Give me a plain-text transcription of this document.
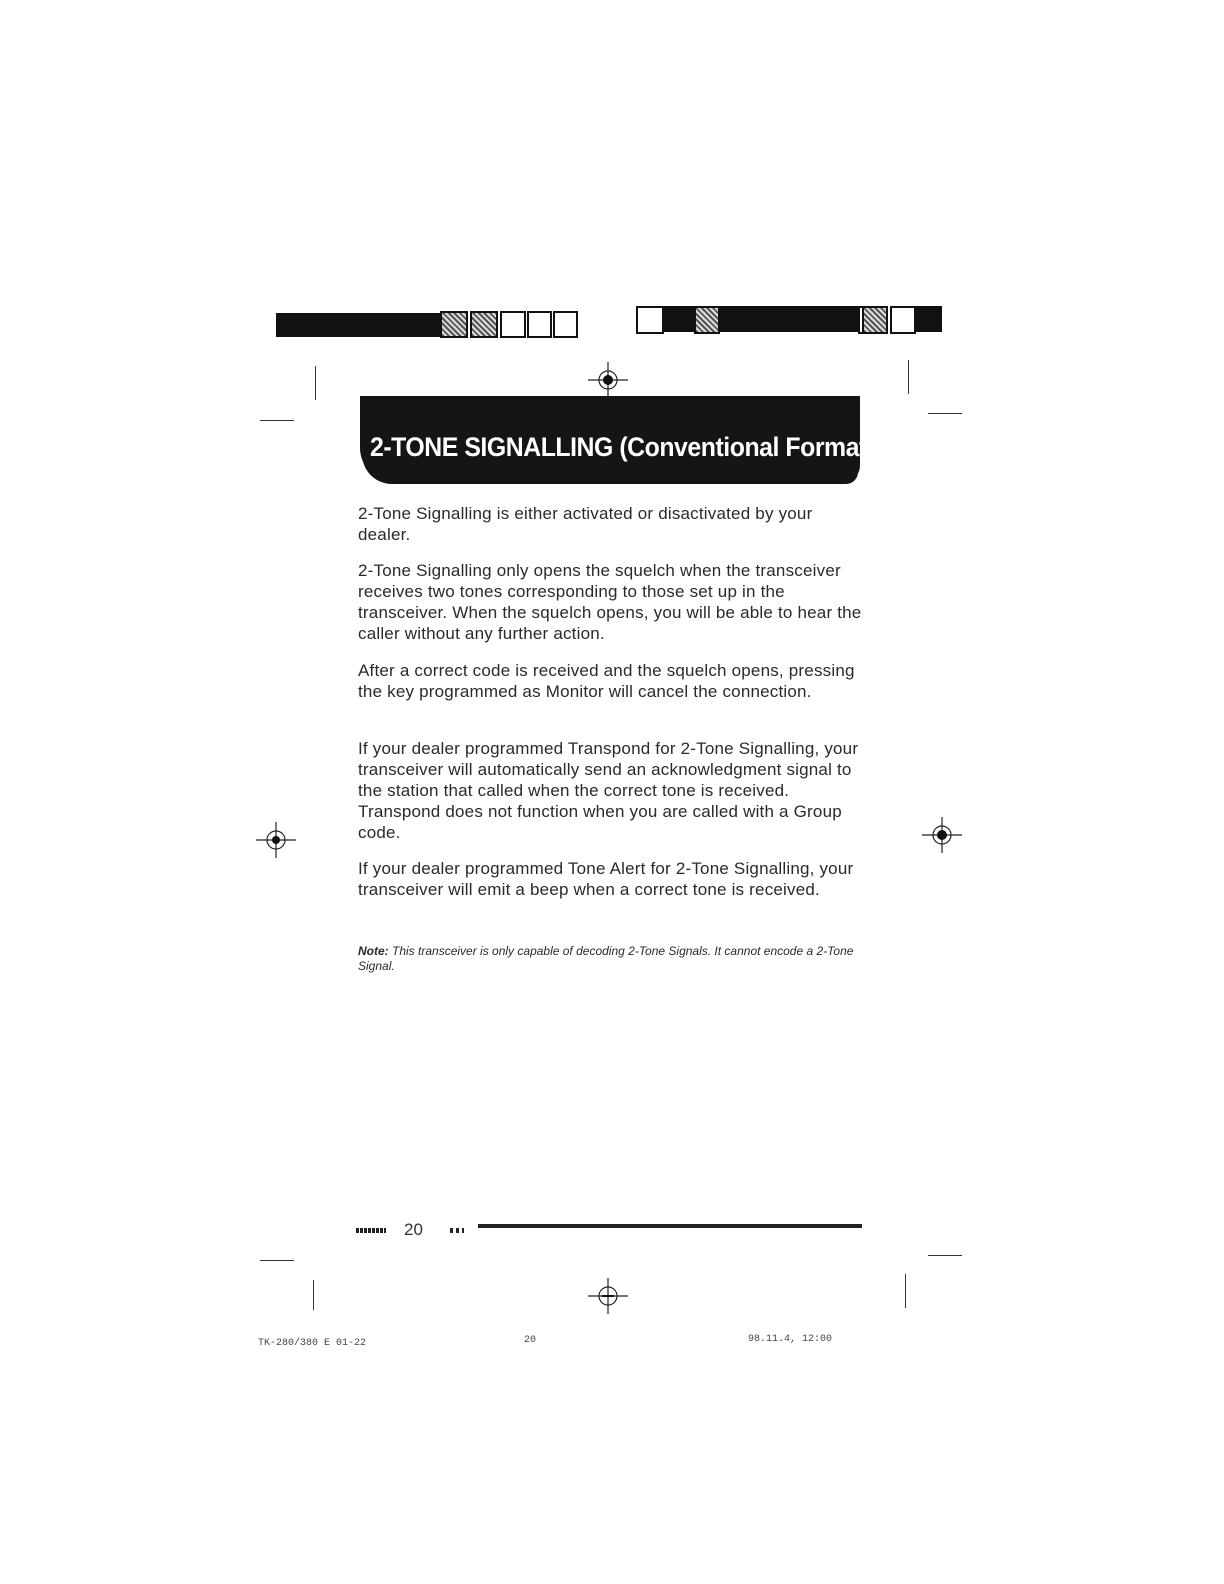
2-TONE SIGNALLING (Conventional Format)

2-Tone Signalling is either activated or disactivated by your dealer.

2-Tone Signalling only opens the squelch when the transceiver receives two tones corresponding to those set up in the transceiver. When the squelch opens, you will be able to hear the caller without any further action.

After a correct code is received and the squelch opens, pressing the key programmed as Monitor will cancel the connection.

If your dealer programmed Transpond for 2-Tone Signalling, your transceiver will automatically send an acknowledgment signal to the station that called when the correct tone is received. Transpond does not function when you are called with a Group code.

If your dealer programmed Tone Alert for 2-Tone Signalling, your transceiver will emit a beep when a correct tone is received.

Note: This transceiver is only capable of decoding 2-Tone Signals. It cannot encode a 2-Tone Signal.

20
TK-280/380 E 01-22	20	98.11.4, 12:00
